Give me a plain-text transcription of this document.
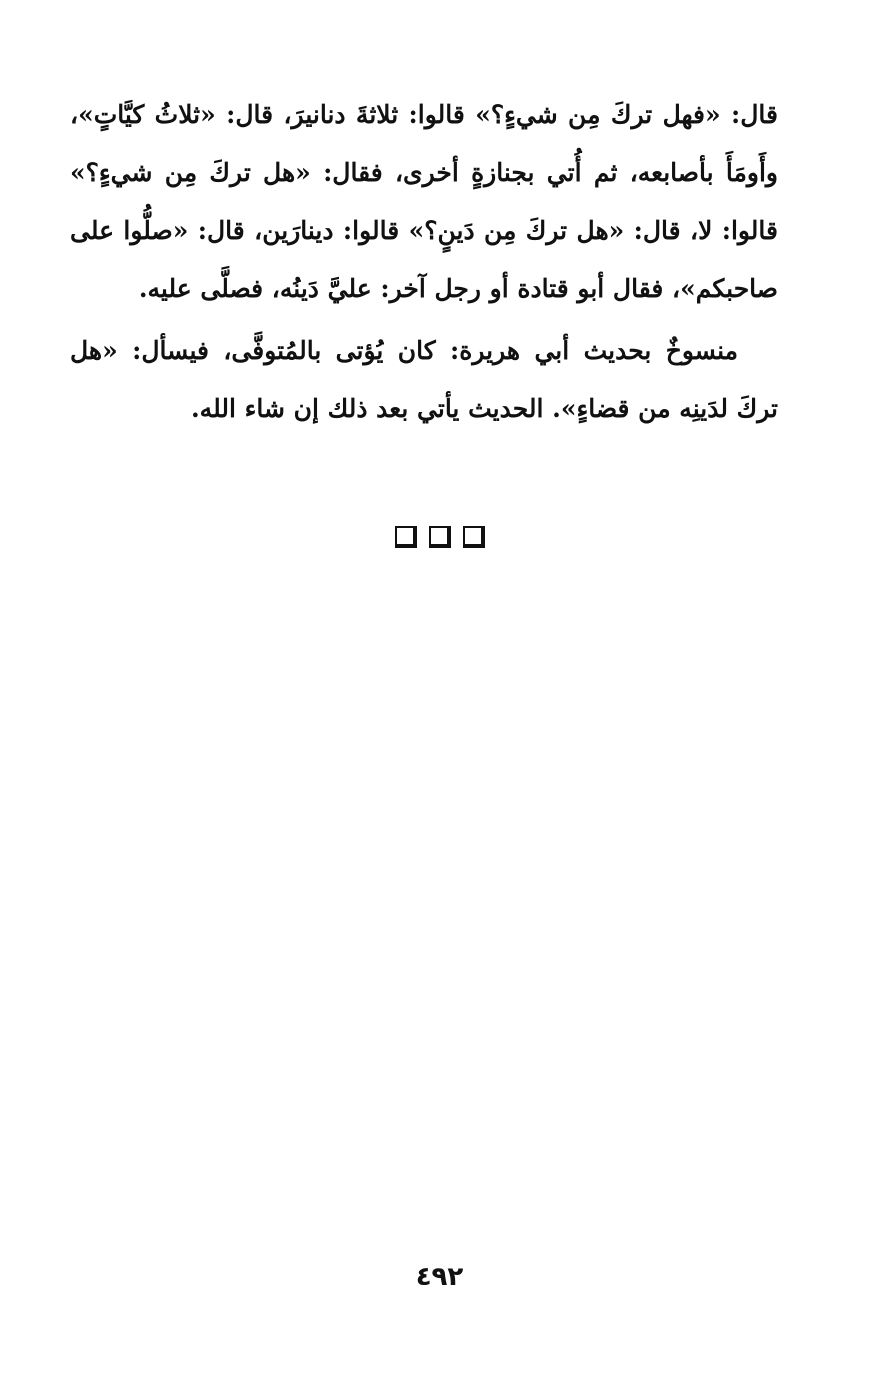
قال: «فهل تركَ مِن شيءٍ؟» قالوا: ثلاثةَ دنانيرَ، قال: «ثلاثُ كيَّاتٍ»، وأَومَأَ بأصابعه، ثم أُتي بجنازةٍ أخرى، فقال: «هل تركَ مِن شيءٍ؟» قالوا: لا، قال: «هل تركَ مِن دَينٍ؟» قالوا: دينارَين، قال: «صلُّوا على صاحبكم»، فقال أبو قتادة أو رجل آخر: عليَّ دَينُه، فصلَّى عليه.

منسوخٌ بحديث أبي هريرة: كان يُؤتى بالمُتوفَّى، فيسأل: «هل تركَ لدَينِه من قضاءٍ». الحديث يأتي بعد ذلك إن شاء الله.

٤٩٢
